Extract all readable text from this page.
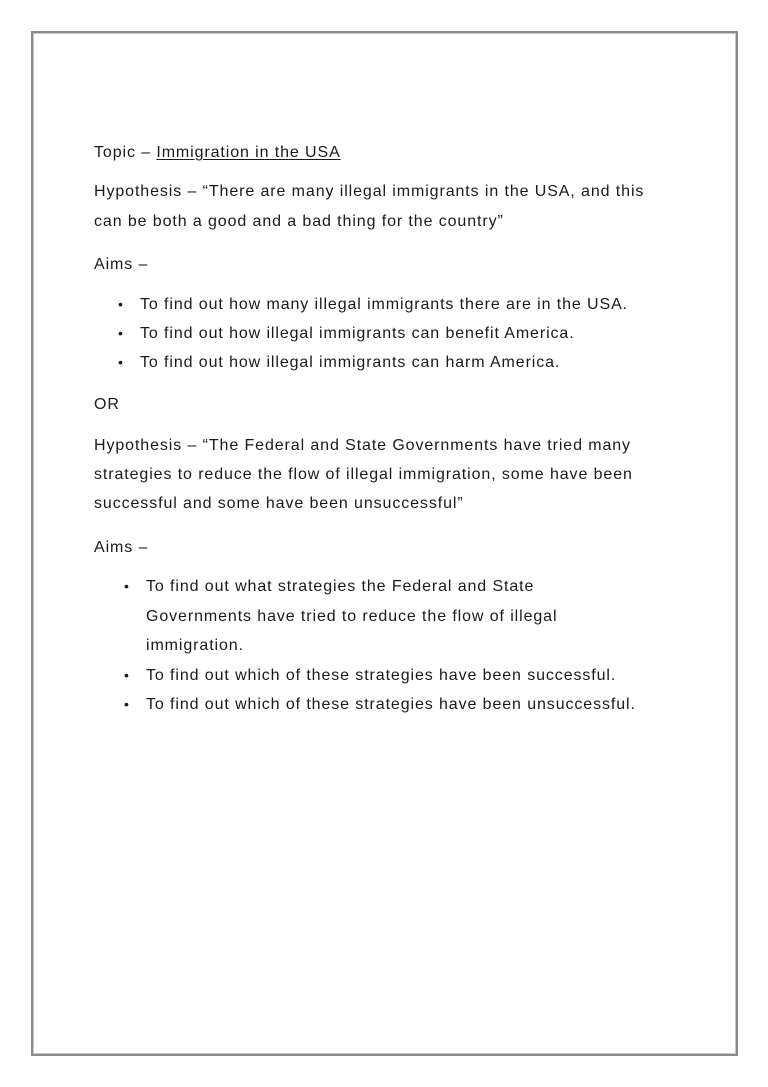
Topic – Immigration in the USA

Hypothesis – “There are many illegal immigrants in the USA, and this

can be both a good and a bad thing for the country”

Aims –

• To find out how many illegal immigrants there are in the USA.
• To find out how illegal immigrants can benefit America.
• To find out how illegal immigrants can harm America.

OR

Hypothesis – “The Federal and State Governments have tried many

strategies to reduce the flow of illegal immigration, some have been

successful and some have been unsuccessful”

Aims –

• To find out what strategies the Federal and State Governments have tried to reduce the flow of illegal immigration.
• To find out which of these strategies have been successful.
• To find out which of these strategies have been unsuccessful.
